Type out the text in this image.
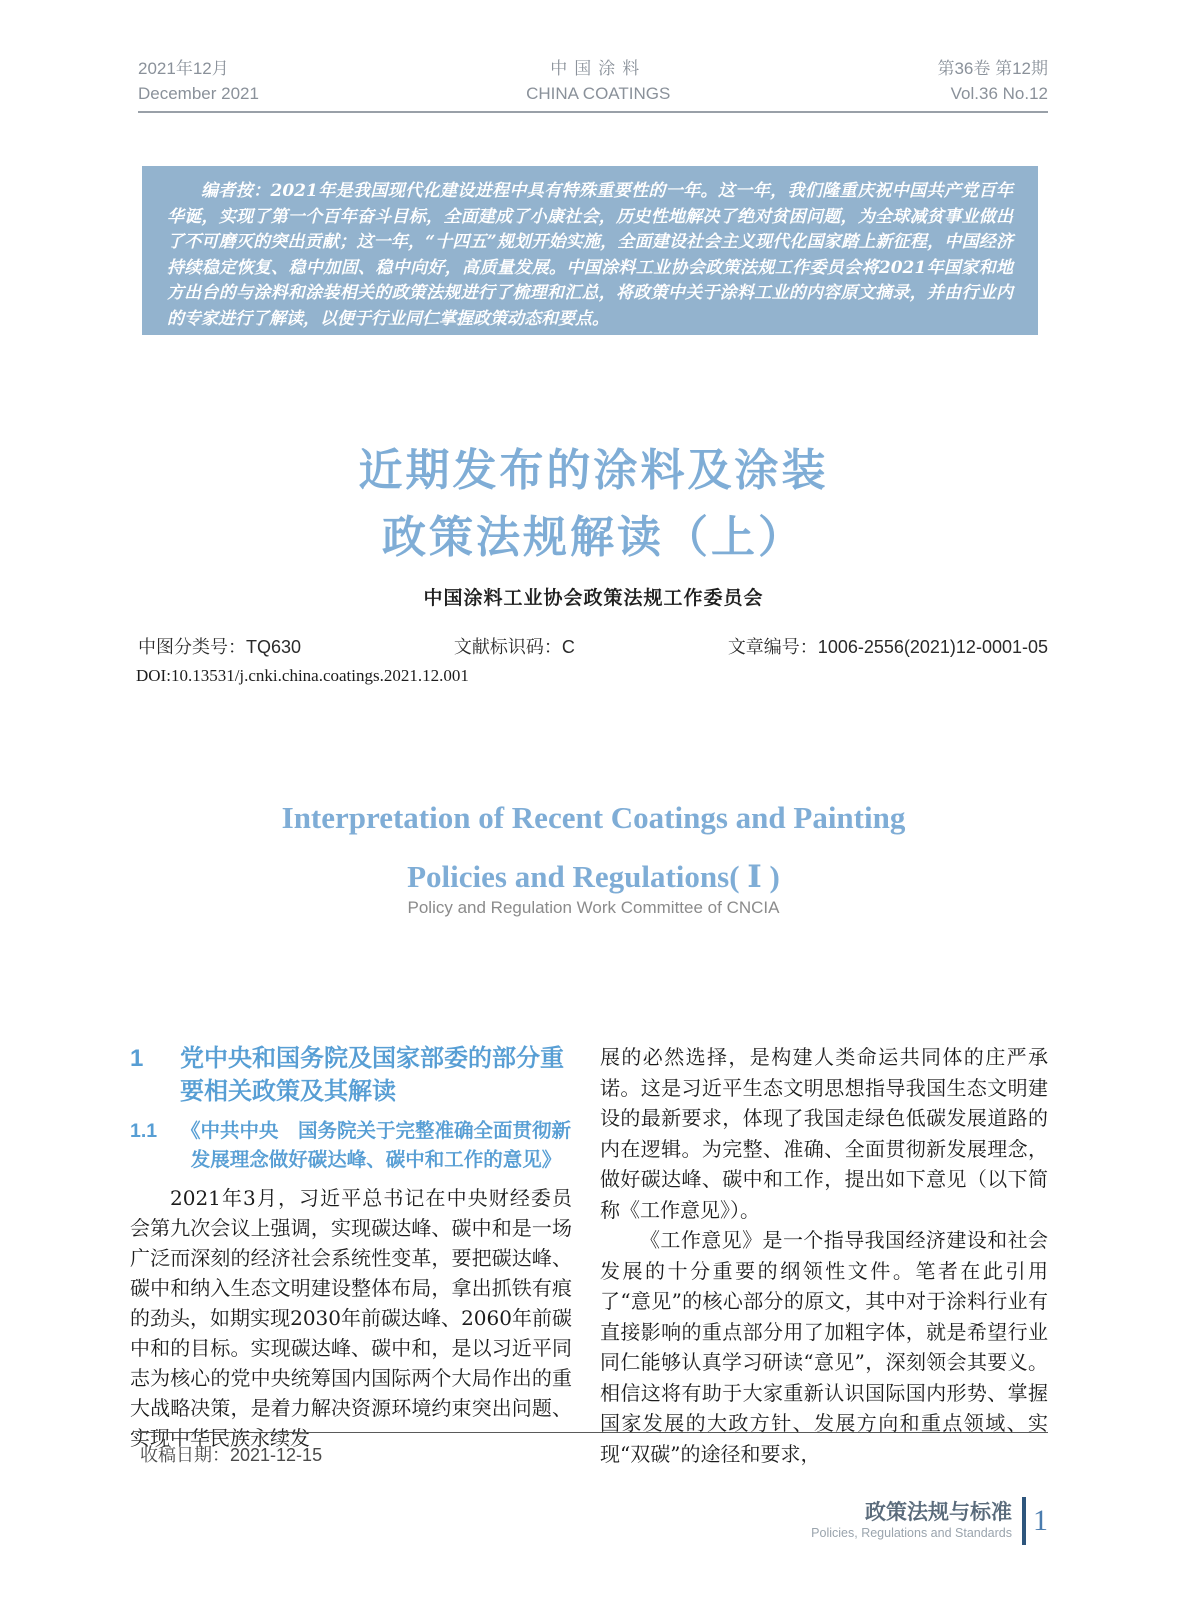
2021年12月
December 2021
中国涂料
CHINA COATINGS
第36卷 第12期
Vol.36 No.12

编者按：2021年是我国现代化建设进程中具有特殊重要性的一年。这一年，我们隆重庆祝中国共产党百年华诞，实现了第一个百年奋斗目标，全面建成了小康社会，历史性地解决了绝对贫困问题，为全球减贫事业做出了不可磨灭的突出贡献；这一年，“十四五”规划开始实施，全面建设社会主义现代化国家踏上新征程，中国经济持续稳定恢复、稳中加固、稳中向好，高质量发展。中国涂料工业协会政策法规工作委员会将2021年国家和地方出台的与涂料和涂装相关的政策法规进行了梳理和汇总，将政策中关于涂料工业的内容原文摘录，并由行业内的专家进行了解读，以便于行业同仁掌握政策动态和要点。

近期发布的涂料及涂装
政策法规解读（上）
中国涂料工业协会政策法规工作委员会
中图分类号：TQ630	文献标识码：C	文章编号：1006-2556(2021)12-0001-05
DOI:10.13531/j.cnki.china.coatings.2021.12.001
Interpretation of Recent Coatings and Painting
Policies and Regulations( Ⅰ )
Policy and Regulation Work Committee of CNCIA
1	党中央和国务院及国家部委的部分重要相关政策及其解读
1.1	《中共中央　国务院关于完整准确全面贯彻新发展理念做好碳达峰、碳中和工作的意见》

2021年3月，习近平总书记在中央财经委员会第九次会议上强调，实现碳达峰、碳中和是一场广泛而深刻的经济社会系统性变革，要把碳达峰、碳中和纳入生态文明建设整体布局，拿出抓铁有痕的劲头，如期实现2030年前碳达峰、2060年前碳中和的目标。实现碳达峰、碳中和，是以习近平同志为核心的党中央统筹国内国际两个大局作出的重大战略决策，是着力解决资源环境约束突出问题、实现中华民族永续发

展的必然选择，是构建人类命运共同体的庄严承诺。这是习近平生态文明思想指导我国生态文明建设的最新要求，体现了我国走绿色低碳发展道路的内在逻辑。为完整、准确、全面贯彻新发展理念，做好碳达峰、碳中和工作，提出如下意见（以下简称《工作意见》）。

《工作意见》是一个指导我国经济建设和社会发展的十分重要的纲领性文件。笔者在此引用了“意见”的核心部分的原文，其中对于涂料行业有直接影响的重点部分用了加粗字体，就是希望行业同仁能够认真学习研读“意见”，深刻领会其要义。相信这将有助于大家重新认识国际国内形势、掌握国家发展的大政方针、发展方向和重点领域、实现“双碳”的途径和要求，

收稿日期：2021-12-15
政策法规与标准
Policies, Regulations and Standards 1
